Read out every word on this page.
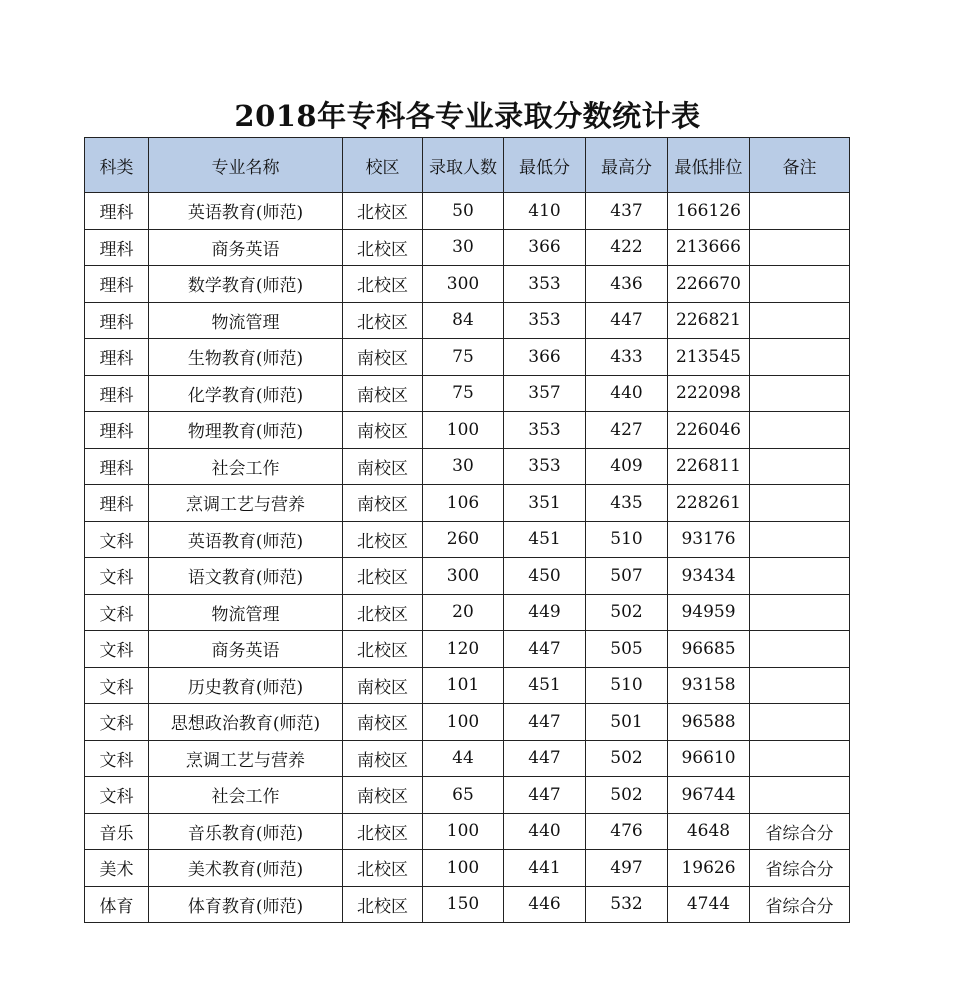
2018年专科各专业录取分数统计表
科类	专业名称	校区	录取人数	最低分	最高分	最低排位	备注
理科	英语教育(师范)	北校区	50	410	437	166126	
理科	商务英语	北校区	30	366	422	213666	
理科	数学教育(师范)	北校区	300	353	436	226670	
理科	物流管理	北校区	84	353	447	226821	
理科	生物教育(师范)	南校区	75	366	433	213545	
理科	化学教育(师范)	南校区	75	357	440	222098	
理科	物理教育(师范)	南校区	100	353	427	226046	
理科	社会工作	南校区	30	353	409	226811	
理科	烹调工艺与营养	南校区	106	351	435	228261	
文科	英语教育(师范)	北校区	260	451	510	93176	
文科	语文教育(师范)	北校区	300	450	507	93434	
文科	物流管理	北校区	20	449	502	94959	
文科	商务英语	北校区	120	447	505	96685	
文科	历史教育(师范)	南校区	101	451	510	93158	
文科	思想政治教育(师范)	南校区	100	447	501	96588	
文科	烹调工艺与营养	南校区	44	447	502	96610	
文科	社会工作	南校区	65	447	502	96744	
音乐	音乐教育(师范)	北校区	100	440	476	4648	省综合分
美术	美术教育(师范)	北校区	100	441	497	19626	省综合分
体育	体育教育(师范)	北校区	150	446	532	4744	省综合分
